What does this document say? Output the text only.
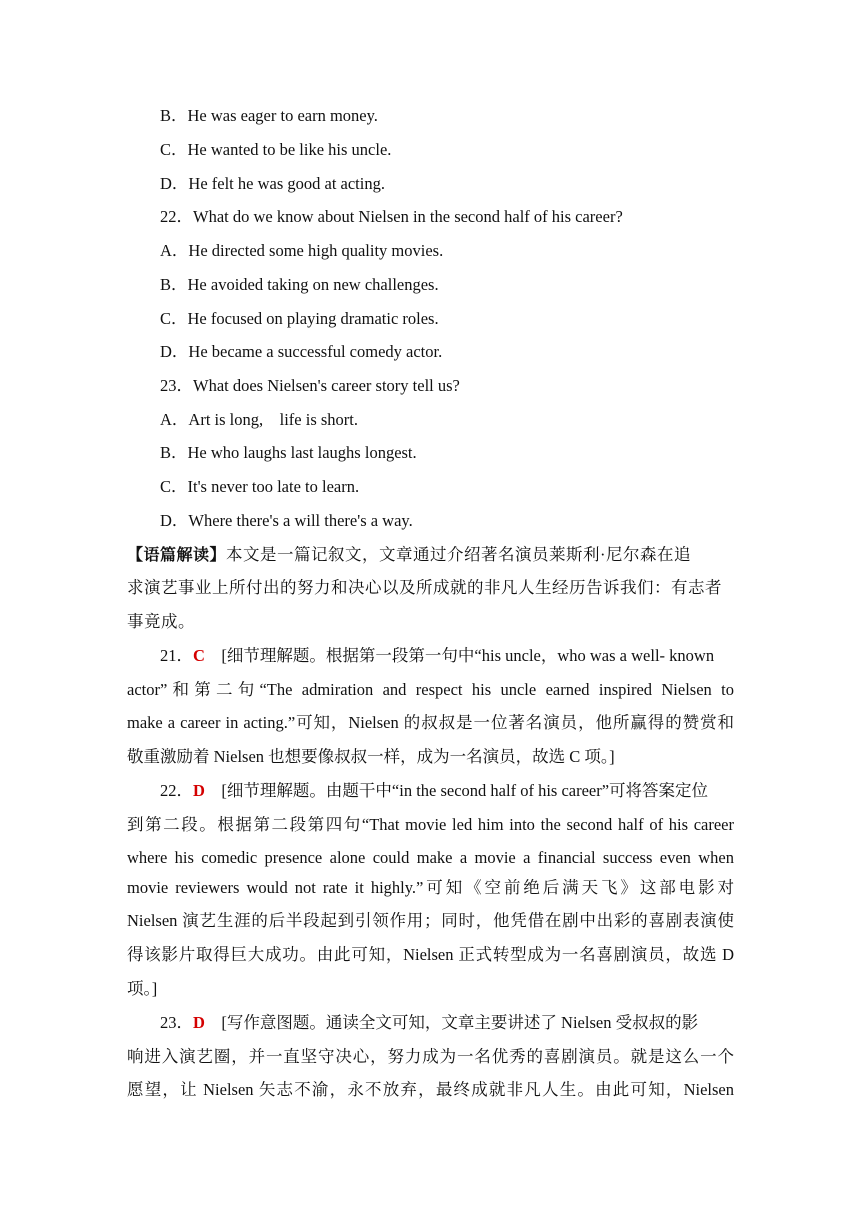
B．He was eager to earn money.
C．He wanted to be like his uncle.
D．He felt he was good at acting.
22．What do we know about Nielsen in the second half of his career?
A．He directed some high quality movies.
B．He avoided taking on new challenges.
C．He focused on playing dramatic roles.
D．He became a successful comedy actor.
23．What does Nielsen's career story tell us?
A．Art is long,　life is short.
B．He who laughs last laughs longest.
C．It's never too late to learn.
D．Where there's a will there's a way.
【语篇解读】本文是一篇记叙文，文章通过介绍著名演员莱斯利·尼尔森在追
求演艺事业上所付出的努力和决心以及所成就的非凡人生经历告诉我们：有志者
事竟成。
21．C　[细节理解题。根据第一段第一句中“his uncle，who was a well- known
actor”和第二句“The admiration and respect his uncle earned inspired Nielsen to
make a career in acting.”可知，Nielsen 的叔叔是一位著名演员，他所赢得的赞赏和
敬重激励着 Nielsen 也想要像叔叔一样，成为一名演员，故选 C 项。]
22．D　[细节理解题。由题干中“in the second half of his career”可将答案定位
到第二段。根据第二段第四句“That movie led him into the second half of his career
where his comedic presence alone could make a movie a financial success even when
movie reviewers would not rate it highly.”可知《空前绝后满天飞》这部电影对
Nielsen 演艺生涯的后半段起到引领作用；同时，他凭借在剧中出彩的喜剧表演使
得该影片取得巨大成功。由此可知，Nielsen 正式转型成为一名喜剧演员，故选 D
项。]
23．D　[写作意图题。通读全文可知，文章主要讲述了 Nielsen 受叔叔的影
响进入演艺圈，并一直坚守决心，努力成为一名优秀的喜剧演员。就是这么一个
愿望，让 Nielsen 矢志不渝，永不放弃，最终成就非凡人生。由此可知，Nielsen
